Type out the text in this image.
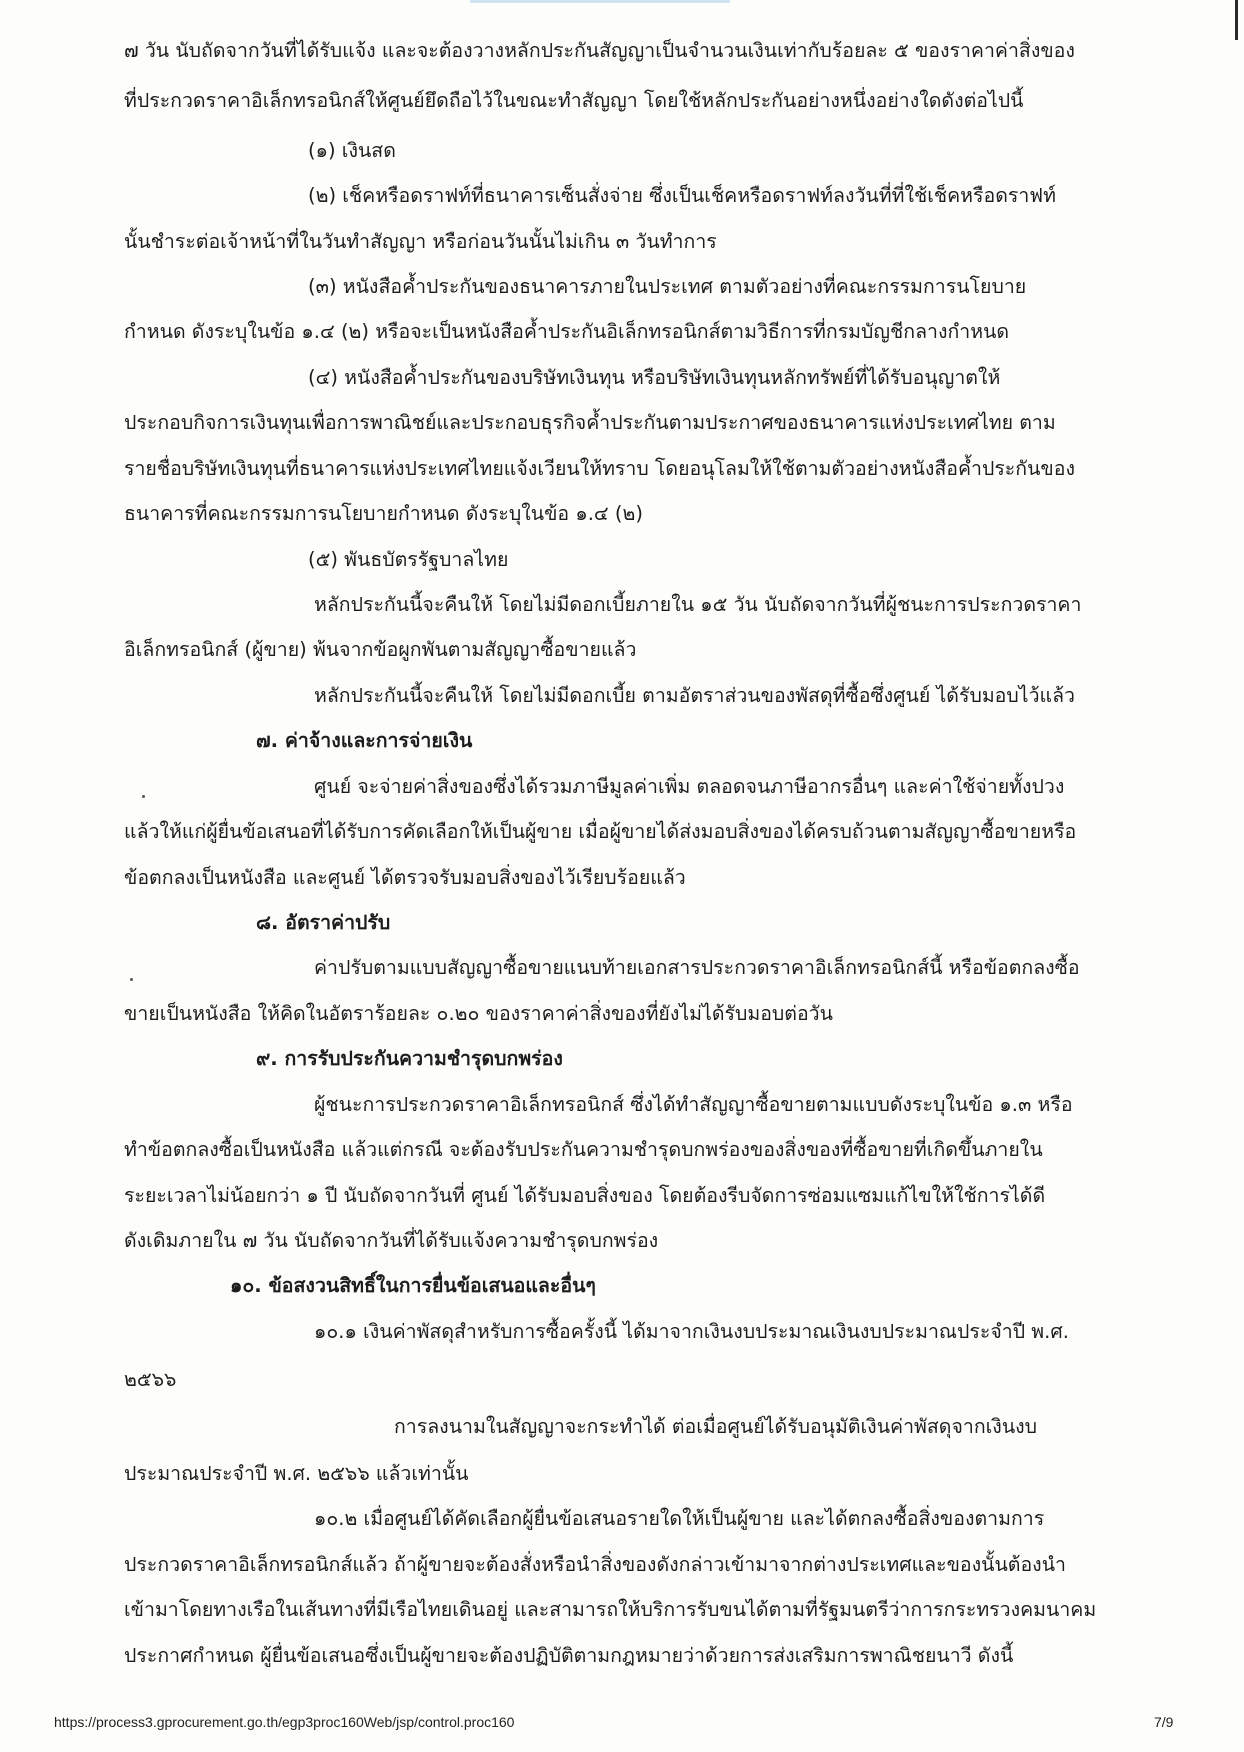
๗ วัน นับถัดจากวันที่ได้รับแจ้ง และจะต้องวางหลักประกันสัญญาเป็นจำนวนเงินเท่ากับร้อยละ ๕ ของราคาค่าสิ่งของ
ที่ประกวดราคาอิเล็กทรอนิกส์ให้ศูนย์ยึดถือไว้ในขณะทำสัญญา โดยใช้หลักประกันอย่างหนึ่งอย่างใดดังต่อไปนี้
(๑) เงินสด
(๒) เช็คหรือดราฟท์ที่ธนาคารเซ็นสั่งจ่าย ซึ่งเป็นเช็คหรือดราฟท์ลงวันที่ที่ใช้เช็คหรือดราฟท์
นั้นชำระต่อเจ้าหน้าที่ในวันทำสัญญา หรือก่อนวันนั้นไม่เกิน ๓ วันทำการ
(๓) หนังสือค้ำประกันของธนาคารภายในประเทศ ตามตัวอย่างที่คณะกรรมการนโยบาย
กำหนด ดังระบุในข้อ ๑.๔ (๒) หรือจะเป็นหนังสือค้ำประกันอิเล็กทรอนิกส์ตามวิธีการที่กรมบัญชีกลางกำหนด
(๔) หนังสือค้ำประกันของบริษัทเงินทุน หรือบริษัทเงินทุนหลักทรัพย์ที่ได้รับอนุญาตให้
ประกอบกิจการเงินทุนเพื่อการพาณิชย์และประกอบธุรกิจค้ำประกันตามประกาศของธนาคารแห่งประเทศไทย ตาม
รายชื่อบริษัทเงินทุนที่ธนาคารแห่งประเทศไทยแจ้งเวียนให้ทราบ โดยอนุโลมให้ใช้ตามตัวอย่างหนังสือค้ำประกันของ
ธนาคารที่คณะกรรมการนโยบายกำหนด ดังระบุในข้อ ๑.๔ (๒)
(๕) พันธบัตรรัฐบาลไทย
หลักประกันนี้จะคืนให้ โดยไม่มีดอกเบี้ยภายใน ๑๕ วัน นับถัดจากวันที่ผู้ชนะการประกวดราคา
อิเล็กทรอนิกส์ (ผู้ขาย) พ้นจากข้อผูกพันตามสัญญาซื้อขายแล้ว
หลักประกันนี้จะคืนให้ โดยไม่มีดอกเบี้ย ตามอัตราส่วนของพัสดุที่ซื้อซึ่งศูนย์ ได้รับมอบไว้แล้ว
๗. ค่าจ้างและการจ่ายเงิน
ศูนย์ จะจ่ายค่าสิ่งของซึ่งได้รวมภาษีมูลค่าเพิ่ม ตลอดจนภาษีอากรอื่นๆ และค่าใช้จ่ายทั้งปวง
แล้วให้แก่ผู้ยื่นข้อเสนอที่ได้รับการคัดเลือกให้เป็นผู้ขาย เมื่อผู้ขายได้ส่งมอบสิ่งของได้ครบถ้วนตามสัญญาซื้อขายหรือ
ข้อตกลงเป็นหนังสือ และศูนย์ ได้ตรวจรับมอบสิ่งของไว้เรียบร้อยแล้ว
๘. อัตราค่าปรับ
ค่าปรับตามแบบสัญญาซื้อขายแนบท้ายเอกสารประกวดราคาอิเล็กทรอนิกส์นี้ หรือข้อตกลงซื้อ
ขายเป็นหนังสือ ให้คิดในอัตราร้อยละ ๐.๒๐ ของราคาค่าสิ่งของที่ยังไม่ได้รับมอบต่อวัน
๙. การรับประกันความชำรุดบกพร่อง
ผู้ชนะการประกวดราคาอิเล็กทรอนิกส์ ซึ่งได้ทำสัญญาซื้อขายตามแบบดังระบุในข้อ ๑.๓ หรือ
ทำข้อตกลงซื้อเป็นหนังสือ แล้วแต่กรณี จะต้องรับประกันความชำรุดบกพร่องของสิ่งของที่ซื้อขายที่เกิดขึ้นภายใน
ระยะเวลาไม่น้อยกว่า ๑ ปี นับถัดจากวันที่ ศูนย์ ได้รับมอบสิ่งของ โดยต้องรีบจัดการซ่อมแซมแก้ไขให้ใช้การได้ดี
ดังเดิมภายใน ๗ วัน นับถัดจากวันที่ได้รับแจ้งความชำรุดบกพร่อง
๑๐. ข้อสงวนสิทธิ์ในการยื่นข้อเสนอและอื่นๆ
๑๐.๑ เงินค่าพัสดุสำหรับการซื้อครั้งนี้ ได้มาจากเงินงบประมาณเงินงบประมาณประจำปี พ.ศ.
๒๕๖๖
การลงนามในสัญญาจะกระทำได้ ต่อเมื่อศูนย์ได้รับอนุมัติเงินค่าพัสดุจากเงินงบ
ประมาณประจำปี พ.ศ. ๒๕๖๖ แล้วเท่านั้น
๑๐.๒ เมื่อศูนย์ได้คัดเลือกผู้ยื่นข้อเสนอรายใดให้เป็นผู้ขาย และได้ตกลงซื้อสิ่งของตามการ
ประกวดราคาอิเล็กทรอนิกส์แล้ว ถ้าผู้ขายจะต้องสั่งหรือนำสิ่งของดังกล่าวเข้ามาจากต่างประเทศและของนั้นต้องนำ
เข้ามาโดยทางเรือในเส้นทางที่มีเรือไทยเดินอยู่ และสามารถให้บริการรับขนได้ตามที่รัฐมนตรีว่าการกระทรวงคมนาคม
ประกาศกำหนด ผู้ยื่นข้อเสนอซึ่งเป็นผู้ขายจะต้องปฏิบัติตามกฎหมายว่าด้วยการส่งเสริมการพาณิชยนาวี ดังนี้
https://process3.gprocurement.go.th/egp3proc160Web/jsp/control.proc160	7/9
